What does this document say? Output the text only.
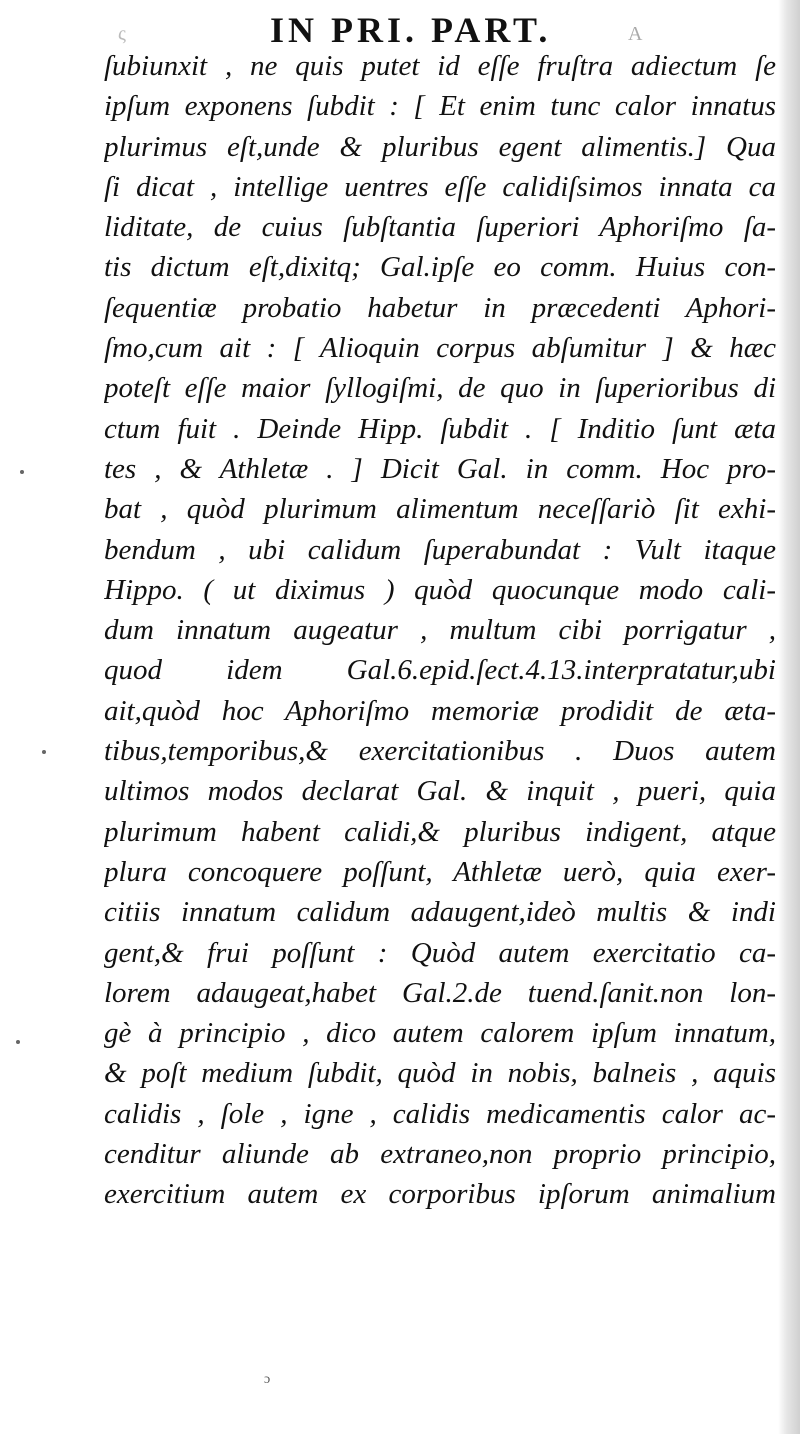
ς	IN PRI. PART.	A
ſubiunxit , ne quis putet id eſſe fruſtra adiectum ſe
ipſum exponens ſubdit : [ Et enim tunc calor innatus
plurimus eſt,unde & pluribus egent alimentis.] Qua
ſi dicat , intellige uentres eſſe calidiſsimos innata ca
liditate, de cuius ſubſtantia ſuperiori Aphoriſmo ſa-
tis dictum eſt,dixitq; Gal.ipſe eo comm. Huius con-
ſequentiæ probatio habetur in præcedenti Aphori-
ſmo,cum ait : [ Alioquin corpus abſumitur ] & hæc
poteſt eſſe maior ſyllogiſmi, de quo in ſuperioribus di
ctum fuit . Deinde Hipp. ſubdit . [ Inditio ſunt æta
tes , & Athletæ . ] Dicit Gal. in comm. Hoc pro-
bat , quòd plurimum alimentum neceſſariò ſit exhi-
bendum , ubi calidum ſuperabundat : Vult itaque
Hippo. ( ut diximus ) quòd quocunque modo cali-
dum innatum augeatur , multum cibi porrigatur ,
quod idem Gal.6.epid.ſect.4.13.interpratatur,ubi
ait,quòd hoc Aphoriſmo memoriæ prodidit de æta-
tibus,temporibus,& exercitationibus . Duos autem
ultimos modos declarat Gal. & inquit , pueri, quia
plurimum habent calidi,& pluribus indigent, atque
plura concoquere poſſunt, Athletæ uerò, quia exer-
citiis innatum calidum adaugent,ideò multis & indi
gent,& frui poſſunt : Quòd autem exercitatio ca-
lorem adaugeat,habet Gal.2.de tuend.ſanit.non lon-
gè à principio , dico autem calorem ipſum innatum,
& poſt medium ſubdit, quòd in nobis, balneis , aquis
calidis , ſole , igne , calidis medicamentis calor ac-
cenditur aliunde ab extraneo,non proprio principio,
exercitium autem ex corporibus ipſorum animalium
ɔ
